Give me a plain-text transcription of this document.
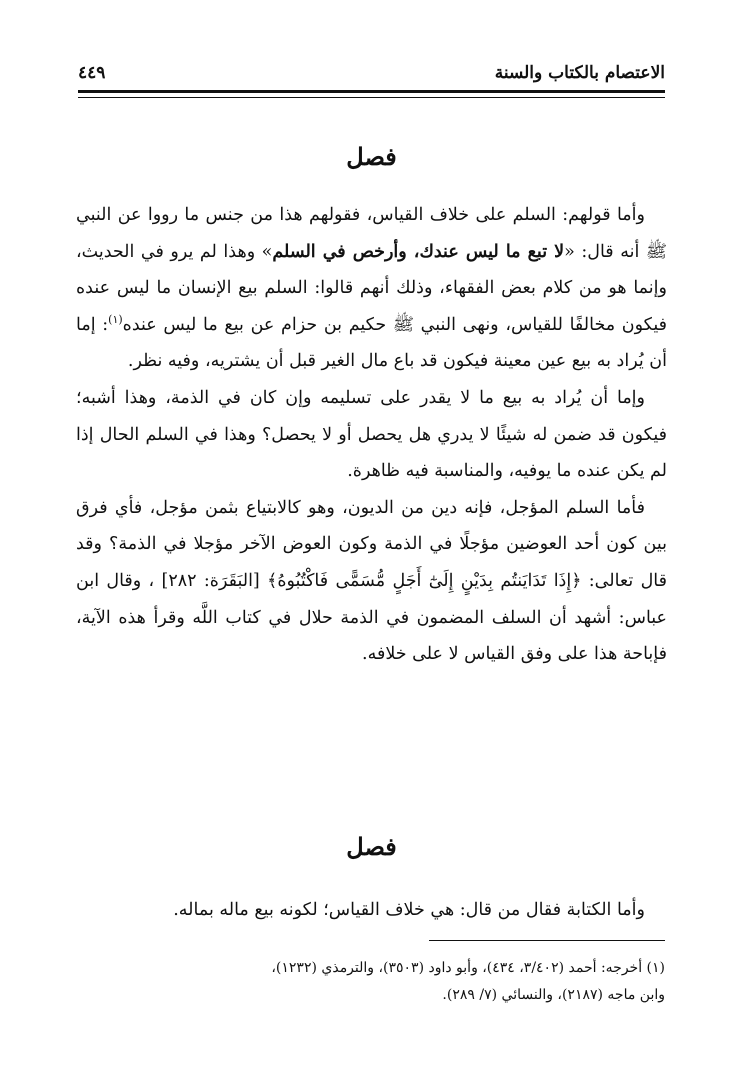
الاعتصام بالكتاب والسنة
٤٤٩
فصل

وأما قولهم: السلم على خلاف القياس، فقولهم هذا من جنس ما رووا عن النبي ﷺ أنه قال: «لا تبع ما ليس عندك، وأرخص في السلم» وهذا لم يرو في الحديث، وإنما هو من كلام بعض الفقهاء، وذلك أنهم قالوا: السلم بيع الإنسان ما ليس عنده فيكون مخالفًا للقياس، ونهى النبي ﷺ حكيم بن حزام عن بيع ما ليس عنده$^{(١)}$: إما أن يُراد به بيع عين معينة فيكون قد باع مال الغير قبل أن يشتريه، وفيه نظر.

وإما أن يُراد به بيع ما لا يقدر على تسليمه وإن كان في الذمة، وهذا أشبه؛ فيكون قد ضمن له شيئًا لا يدري هل يحصل أو لا يحصل؟ وهذا في السلم الحال إذا لم يكن عنده ما يوفيه، والمناسبة فيه ظاهرة.

فأما السلم المؤجل، فإنه دين من الديون، وهو كالابتياع بثمن مؤجل، فأي فرق بين كون أحد العوضين مؤجلًا في الذمة وكون العوض الآخر مؤجلا في الذمة؟ وقد قال تعالى: ﴿إِذَا تَدَايَنتُم بِدَيْنٍ إِلَىٰٓ أَجَلٍ مُّسَمًّى فَاكْتُبُوهُ﴾ [البَقَرَة: ٢٨٢] ، وقال ابن عباس: أشهد أن السلف المضمون في الذمة حلال في كتاب اللَّه وقرأ هذه الآية، فإباحة هذا على وفق القياس لا على خلافه.

فصل
وأما الكتابة فقال من قال: هي خلاف القياس؛ لكونه بيع ماله بماله.

(١) أخرجه: أحمد (٣/٤٠٢، ٤٣٤)، وأبو داود (٣٥٠٣)، والترمذي (١٢٣٢)،

وابن ماجه (٢١٨٧)، والنسائي (٧/ ٢٨٩).
